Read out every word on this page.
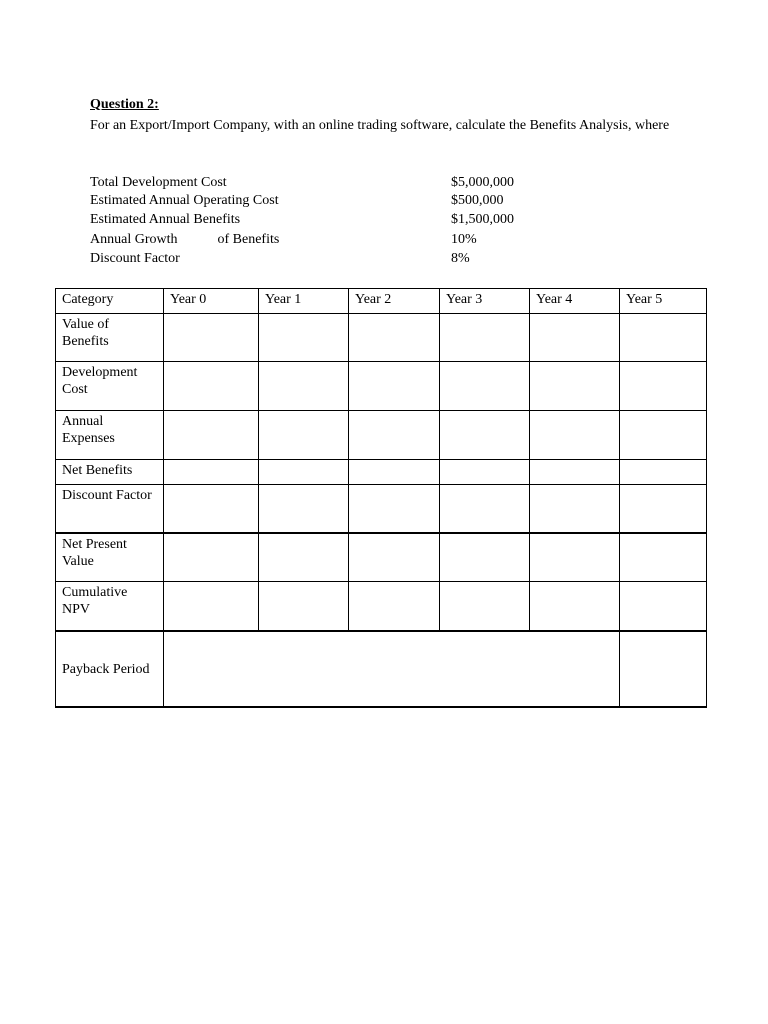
Question 2:
For an Export/Import Company, with an online trading software, calculate the Benefits Analysis, where
Total Development Cost	$5,000,000
Estimated Annual Operating Cost	$500,000
Estimated Annual Benefits	$1,500,000
Annual Growth	of Benefits	10%
Discount Factor	8%
Category	Year 0	Year 1	Year 2	Year 3	Year 4	Year 5
Value of Benefits						
Development Cost						
Annual Expenses						
Net Benefits						
Discount Factor						
Net Present Value						
Cumulative NPV						
Payback Period						
